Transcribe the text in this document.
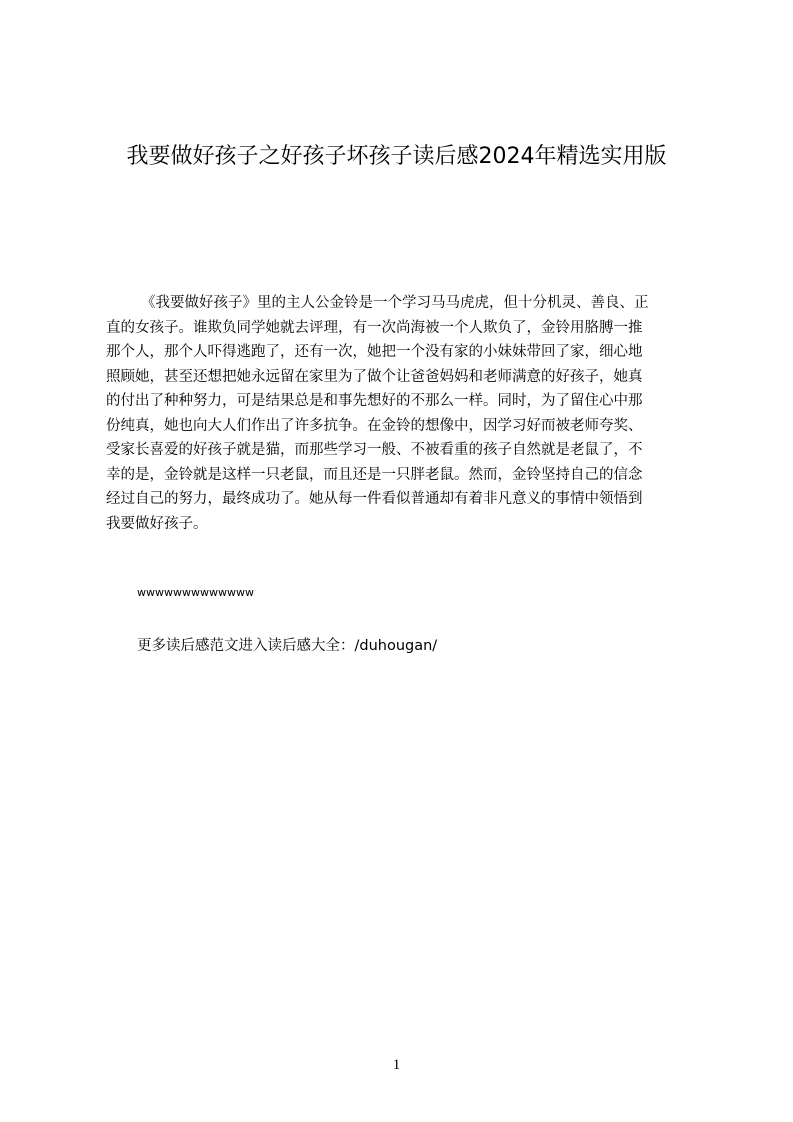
我要做好孩子之好孩子坏孩子读后感2024年精选实用版
《我要做好孩子》里的主人公金铃是一个学习马马虎虎，但十分机灵、善良、正
直的女孩子。谁欺负同学她就去评理，有一次尚海被一个人欺负了，金铃用胳膊一推
那个人，那个人吓得逃跑了，还有一次，她把一个没有家的小妹妹带回了家，细心地
照顾她，甚至还想把她永远留在家里为了做个让爸爸妈妈和老师满意的好孩子，她真
的付出了种种努力，可是结果总是和事先想好的不那么一样。同时，为了留住心中那
份纯真，她也向大人们作出了许多抗争。在金铃的想像中，因学习好而被老师夸奖、
受家长喜爱的好孩子就是猫，而那些学习一般、不被看重的孩子自然就是老鼠了，不
幸的是，金铃就是这样一只老鼠，而且还是一只胖老鼠。然而，金铃坚持自己的信念
经过自己的努力，最终成功了。她从每一件看似普通却有着非凡意义的事情中领悟到
我要做好孩子。
wwwwwwwwwwwww
更多读后感范文进入读后感大全：/duhougan/
1
